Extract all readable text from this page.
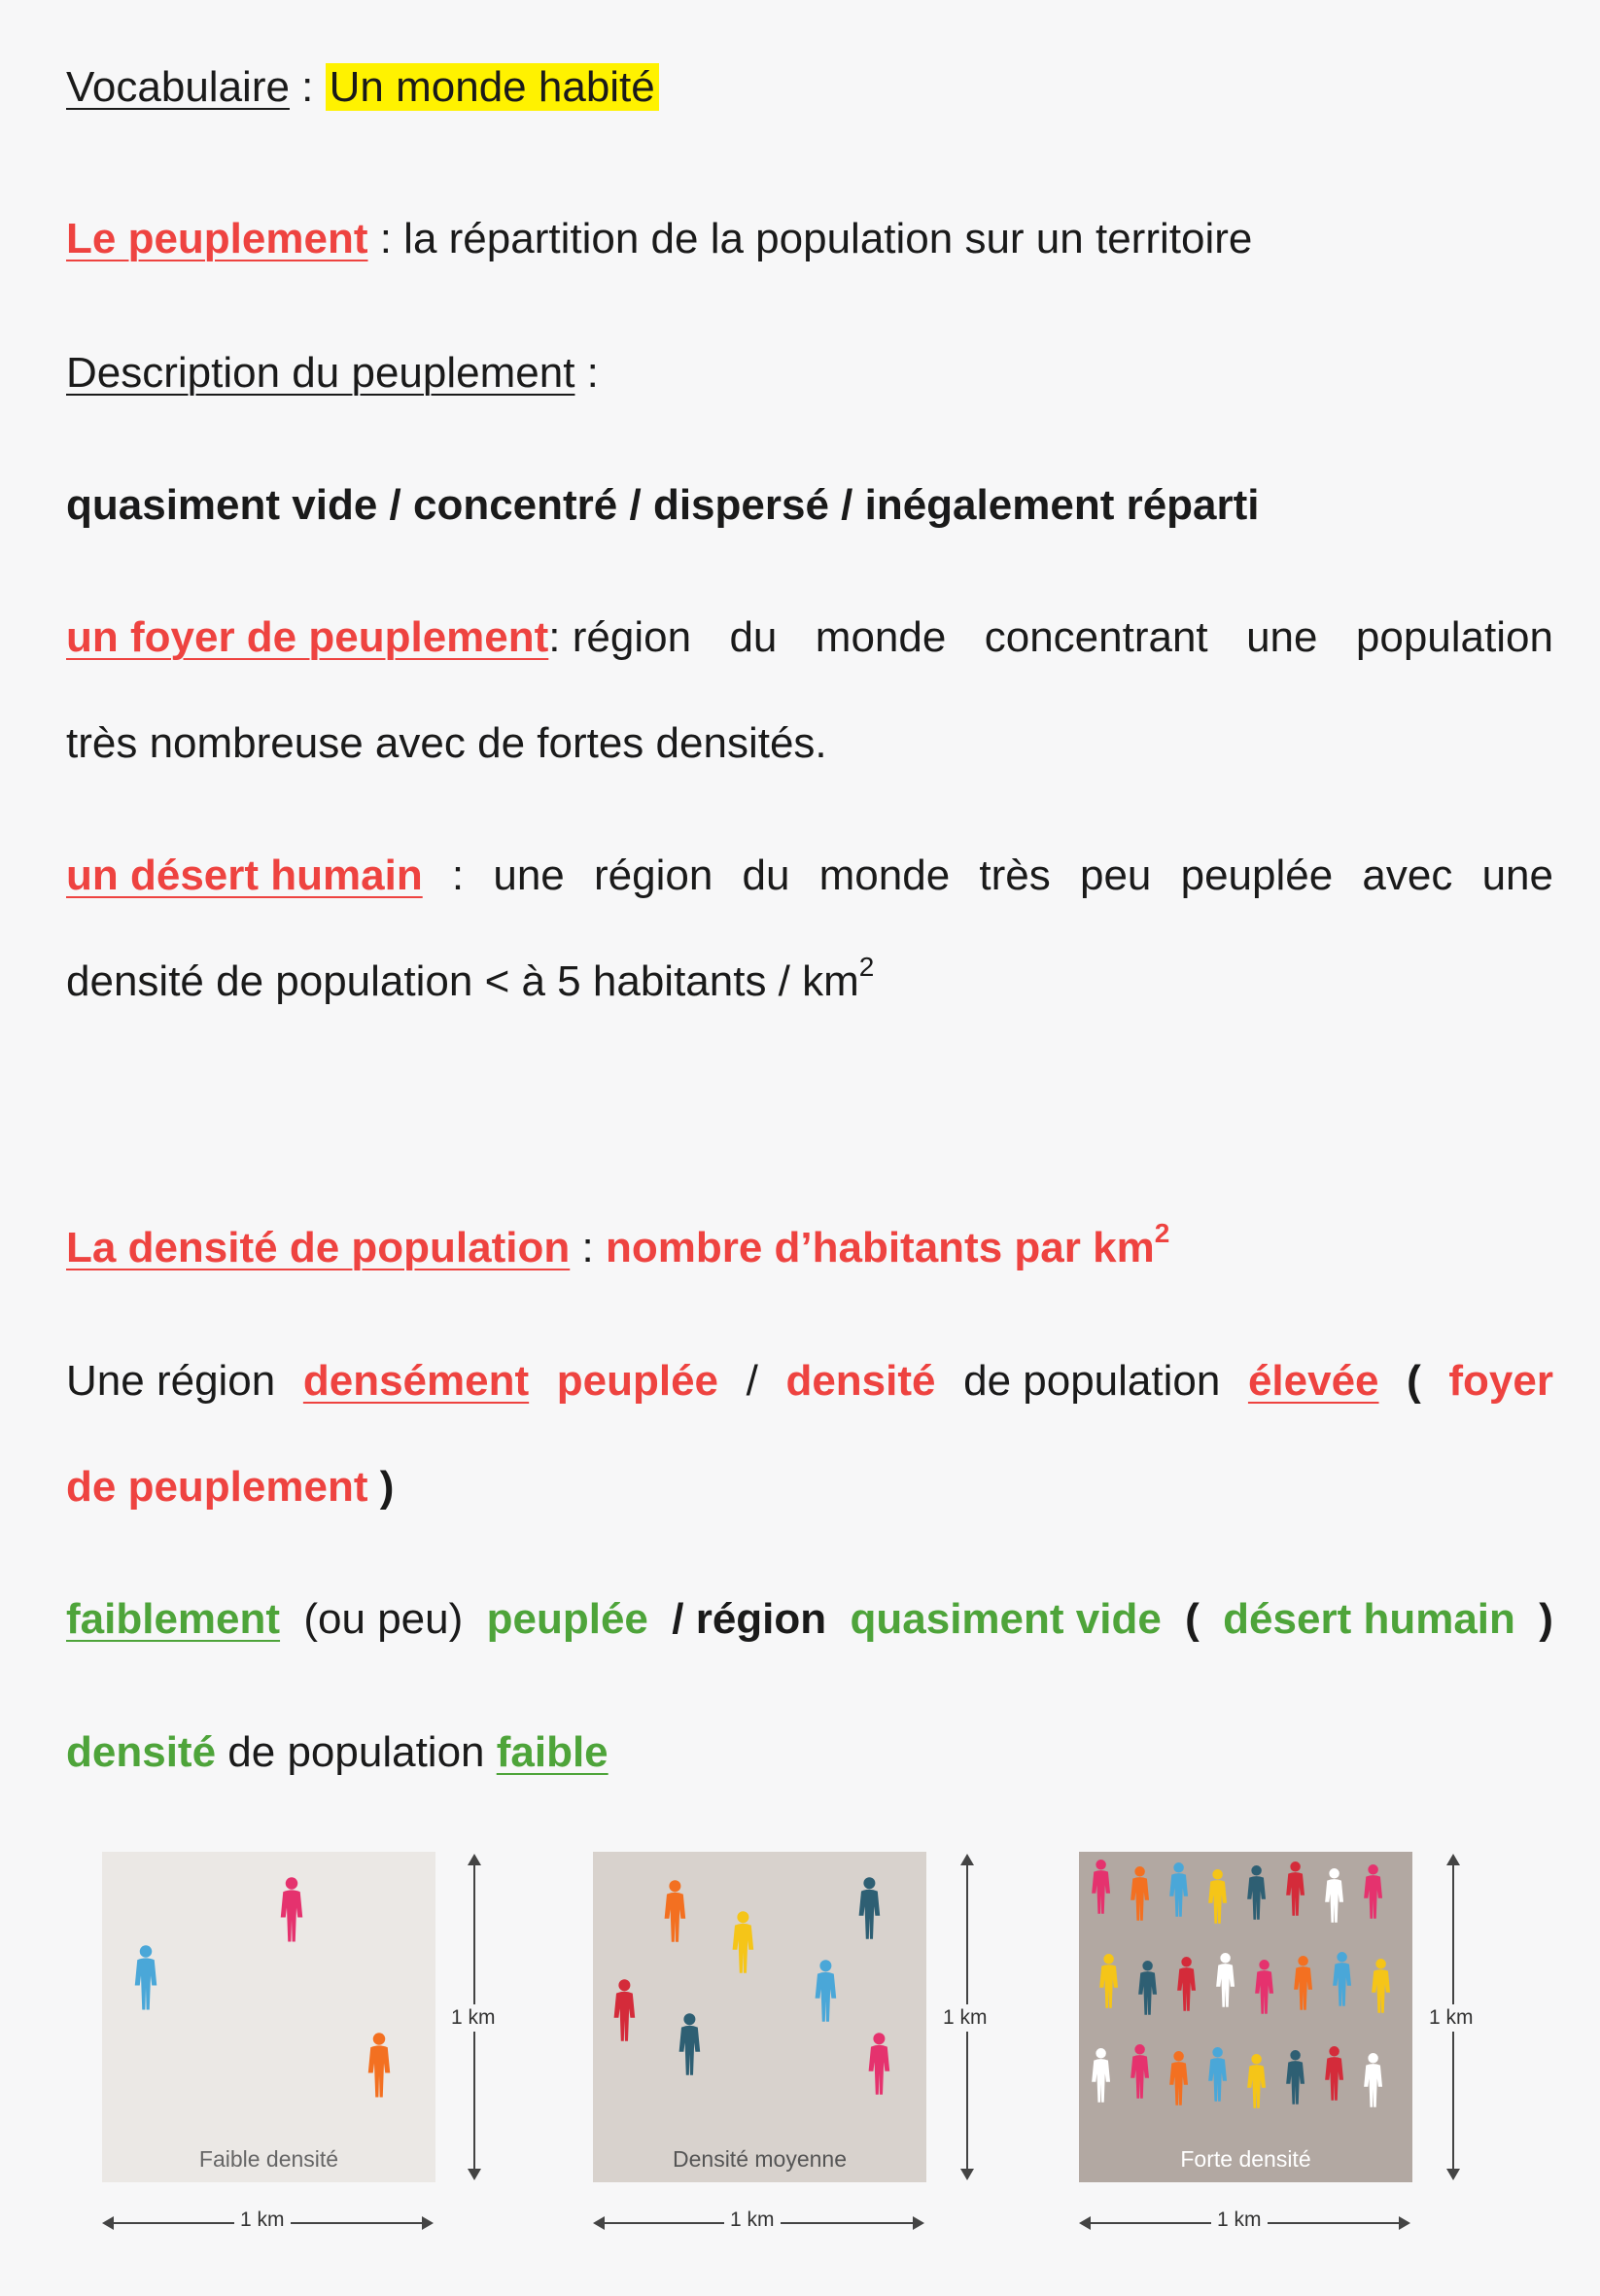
Vocabulaire : Un monde habité
Le peuplement : la répartition de la population sur un territoire
Description du peuplement :
quasiment vide / concentré / dispersé / inégalement réparti
un foyer de peuplement: région du monde concentrant une population
très nombreuse avec de fortes densités.
un désert humain : une région du monde très peu peuplée avec une
densité de population < à 5 habitants / $km^2$
La densité de population : nombre d’habitants par $km^2$
Une région densément peuplée / densité de population élevée ( foyer
de peuplement )
faiblement (ou peu) peuplée / région quasiment vide ( désert humain )
densité de population faible
Faible densité	Densité moyenne	Forte densité
1 km	1 km	1 km
1 km	1 km	1 km
